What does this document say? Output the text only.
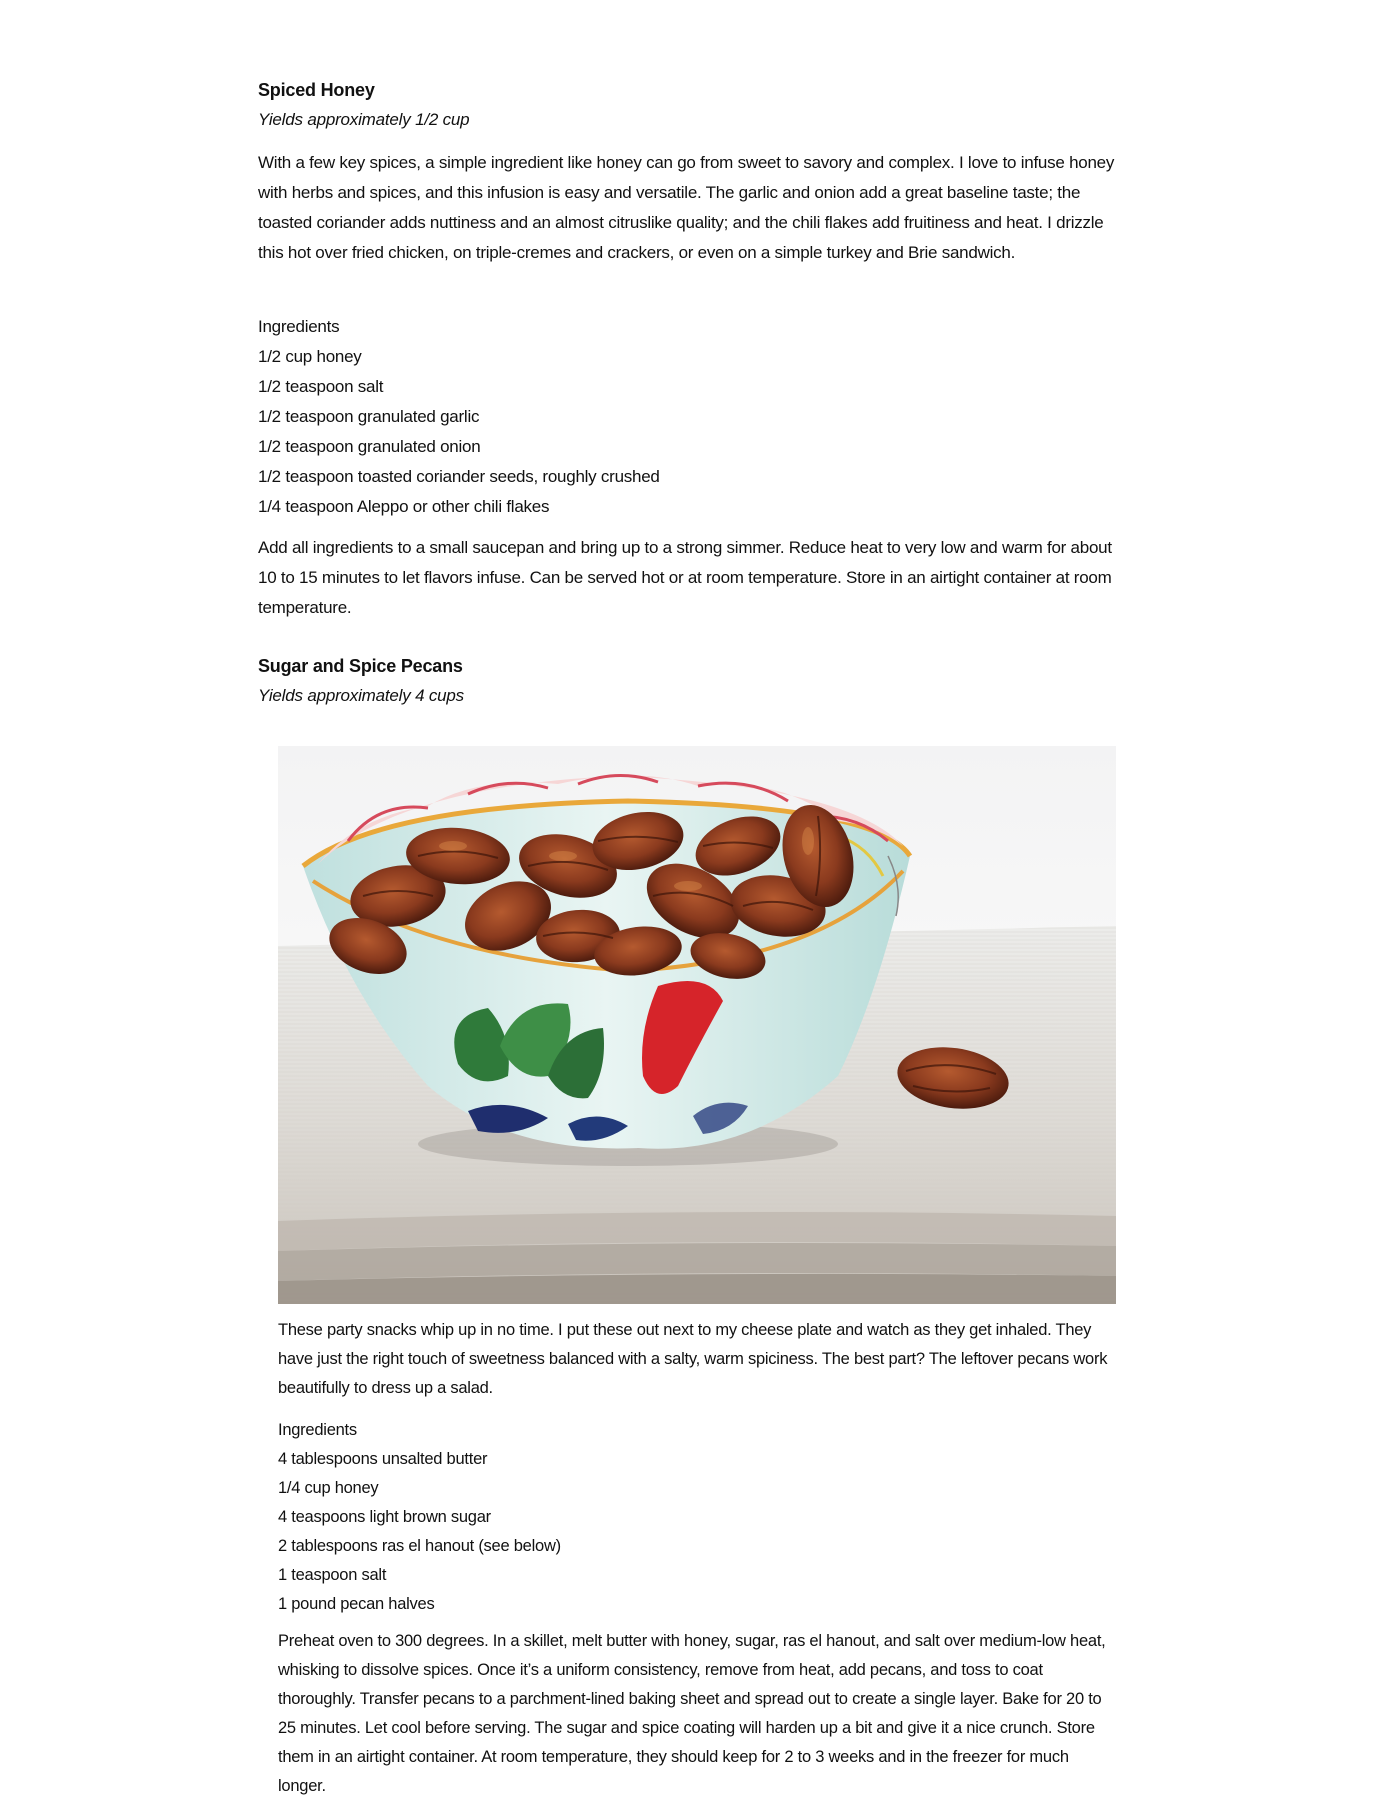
Spiced Honey

Yields approximately 1/2 cup

With a few key spices, a simple ingredient like honey can go from sweet to savory and complex. I love to infuse honey with herbs and spices, and this infusion is easy and versatile. The garlic and onion add a great baseline taste; the toasted coriander adds nuttiness and an almost citruslike quality; and the chili flakes add fruitiness and heat. I drizzle this hot over fried chicken, on triple-cremes and crackers, or even on a simple turkey and Brie sandwich.

Ingredients

1/2 cup honey
1/2 teaspoon salt
1/2 teaspoon granulated garlic
1/2 teaspoon granulated onion
1/2 teaspoon toasted coriander seeds, roughly crushed
1/4 teaspoon Aleppo or other chili flakes

Add all ingredients to a small saucepan and bring up to a strong simmer. Reduce heat to very low and warm for about 10 to 15 minutes to let flavors infuse. Can be served hot or at room temperature. Store in an airtight container at room temperature.

Sugar and Spice Pecans

Yields approximately 4 cups

These party snacks whip up in no time. I put these out next to my cheese plate and watch as they get inhaled. They have just the right touch of sweetness balanced with a salty, warm spiciness. The best part? The leftover pecans work beautifully to dress up a salad.

Ingredients

4 tablespoons unsalted butter
1/4 cup honey
4 teaspoons light brown sugar
2 tablespoons ras el hanout (see below)
1 teaspoon salt
1 pound pecan halves

Preheat oven to 300 degrees. In a skillet, melt butter with honey, sugar, ras el hanout, and salt over medium-low heat, whisking to dissolve spices. Once it’s a uniform consistency, remove from heat, add pecans, and toss to coat thoroughly. Transfer pecans to a parchment-lined baking sheet and spread out to create a single layer. Bake for 20 to 25 minutes. Let cool before serving. The sugar and spice coating will harden up a bit and give it a nice crunch. Store them in an airtight container. At room temperature, they should keep for 2 to 3 weeks and in the freezer for much longer.
